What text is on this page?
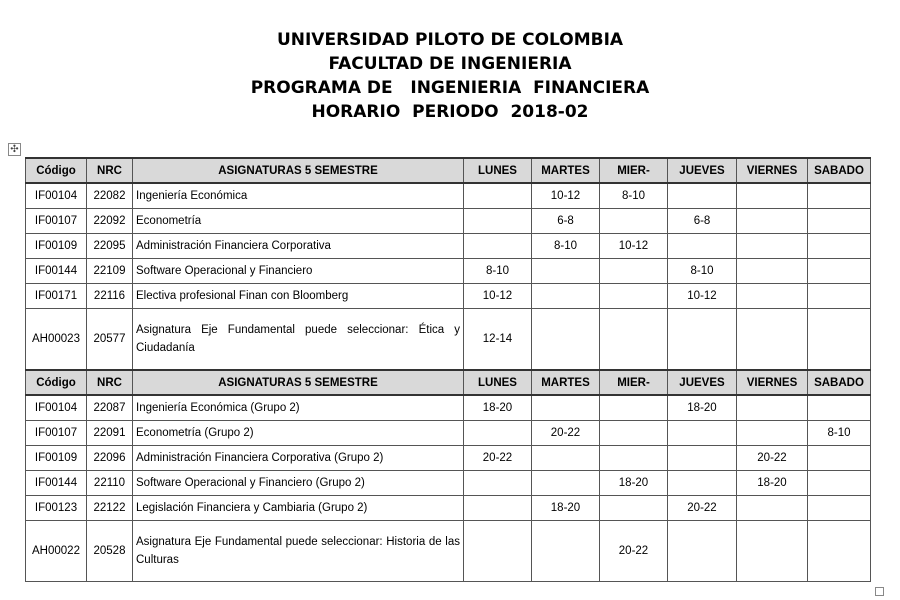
UNIVERSIDAD PILOTO DE COLOMBIA
FACULTAD DE INGENIERIA
PROGRAMA DE   INGENIERIA  FINANCIERA
HORARIO  PERIODO  2018-02
✣
Código	NRC	ASIGNATURAS 5 SEMESTRE	LUNES	MARTES	MIER-	JUEVES	VIERNES	SABADO
IF00104	22082	Ingeniería Económica		10-12	8-10			
IF00107	22092	Econometría		6-8		6-8		
IF00109	22095	Administración Financiera Corporativa		8-10	10-12			
IF00144	22109	Software Operacional y Financiero	8-10			8-10		
IF00171	22116	Electiva profesional Finan con Bloomberg	10-12			10-12		
AH00023	20577	Asignatura Eje Fundamental puede seleccionar: Ética y Ciudadanía	12-14					
Código	NRC	ASIGNATURAS 5 SEMESTRE	LUNES	MARTES	MIER-	JUEVES	VIERNES	SABADO
IF00104	22087	Ingeniería Económica (Grupo 2)	18-20			18-20		
IF00107	22091	Econometría (Grupo 2)		20-22				8-10
IF00109	22096	Administración Financiera Corporativa (Grupo 2)	20-22				20-22	
IF00144	22110	Software Operacional y Financiero (Grupo 2)			18-20		18-20	
IF00123	22122	Legislación Financiera y Cambiaria (Grupo 2)		18-20		20-22		
AH00022	20528	Asignatura Eje Fundamental puede seleccionar: Historia de las Culturas			20-22			
